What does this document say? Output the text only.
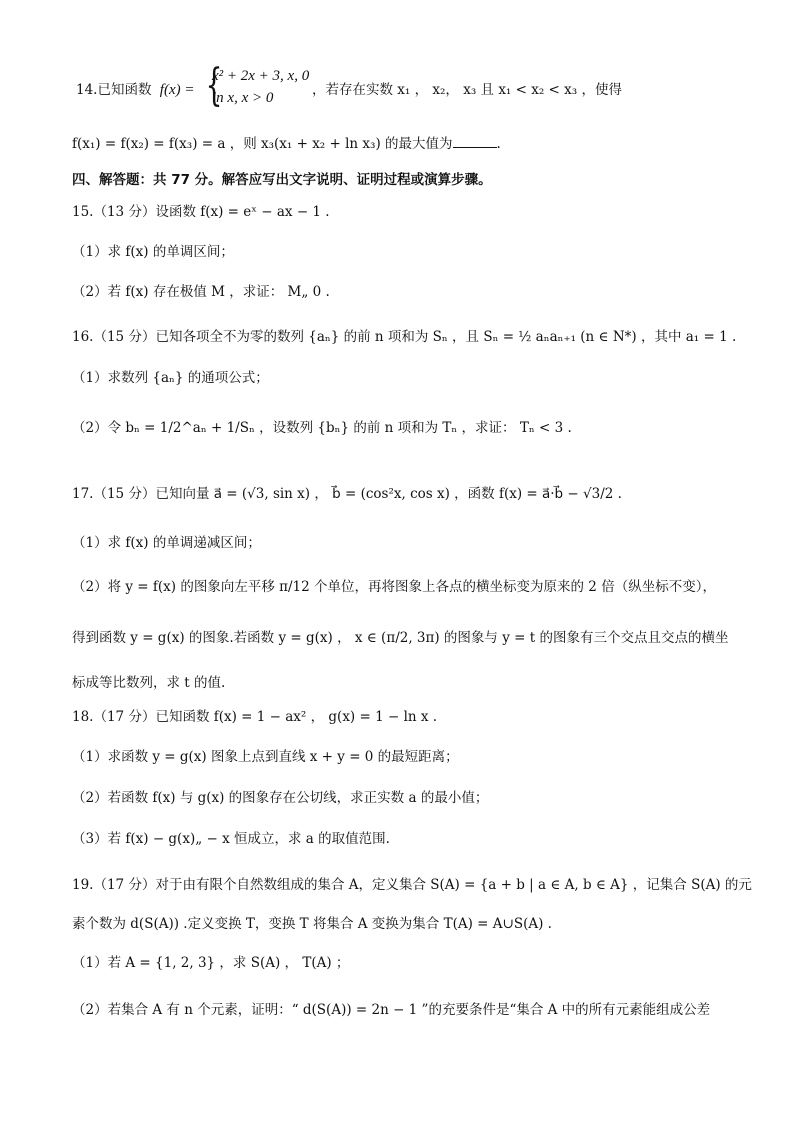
14.已知函数 f(x) = {
x² + 2x + 3, x, 0
ln x, x > 0	，若存在实数 x₁ ， x₂， x₃ 且 x₁ < x₂ < x₃ ，使得
f(x₁) = f(x₂) = f(x₃) = a ，则 x₃(x₁ + x₂ + ln x₃) 的最大值为	.
四、解答题：共 77 分。解答应写出文字说明、证明过程或演算步骤。
15.（13 分）设函数 f(x) = eˣ − ax − 1 .
（1）求 f(x) 的单调区间；
（2）若 f(x) 存在极值 M ，求证： M„ 0 .
16.（15 分）已知各项全不为零的数列 {aₙ} 的前 n 项和为 Sₙ ，且 Sₙ = ½ aₙaₙ₊₁ (n ∈ N*) ，其中 a₁ = 1 .
（1）求数列 {aₙ} 的通项公式；
（2）令 bₙ = 1/2^aₙ + 1/Sₙ ，设数列 {bₙ} 的前 n 项和为 Tₙ ，求证： Tₙ < 3 .
17.（15 分）已知向量 a⃗ = (√3, sin x) ， b⃗ = (cos²x, cos x) ，函数 f(x) = a⃗·b⃗ − √3/2 .
（1）求 f(x) 的单调递减区间；
（2）将 y = f(x) 的图象向左平移 π/12 个单位，再将图象上各点的横坐标变为原来的 2 倍（纵坐标不变），
得到函数 y = g(x) 的图象.若函数 y = g(x) ， x ∈ (π/2, 3π) 的图象与 y = t 的图象有三个交点且交点的横坐
标成等比数列，求 t 的值.
18.（17 分）已知函数 f(x) = 1 − ax² ， g(x) = 1 − ln x .
（1）求函数 y = g(x) 图象上点到直线 x + y = 0 的最短距离；
（2）若函数 f(x) 与 g(x) 的图象存在公切线，求正实数 a 的最小值；
（3）若 f(x) − g(x)„ − x 恒成立，求 a 的取值范围.
19.（17 分）对于由有限个自然数组成的集合 A，定义集合 S(A) = {a + b | a ∈ A, b ∈ A} ，记集合 S(A) 的元
素个数为 d(S(A)) .定义变换 T，变换 T 将集合 A 变换为集合 T(A) = A∪S(A) .
（1）若 A = {1, 2, 3} ，求 S(A) ， T(A) ；
（2）若集合 A 有 n 个元素，证明：“ d(S(A)) = 2n − 1 ”的充要条件是“集合 A 中的所有元素能组成公差
